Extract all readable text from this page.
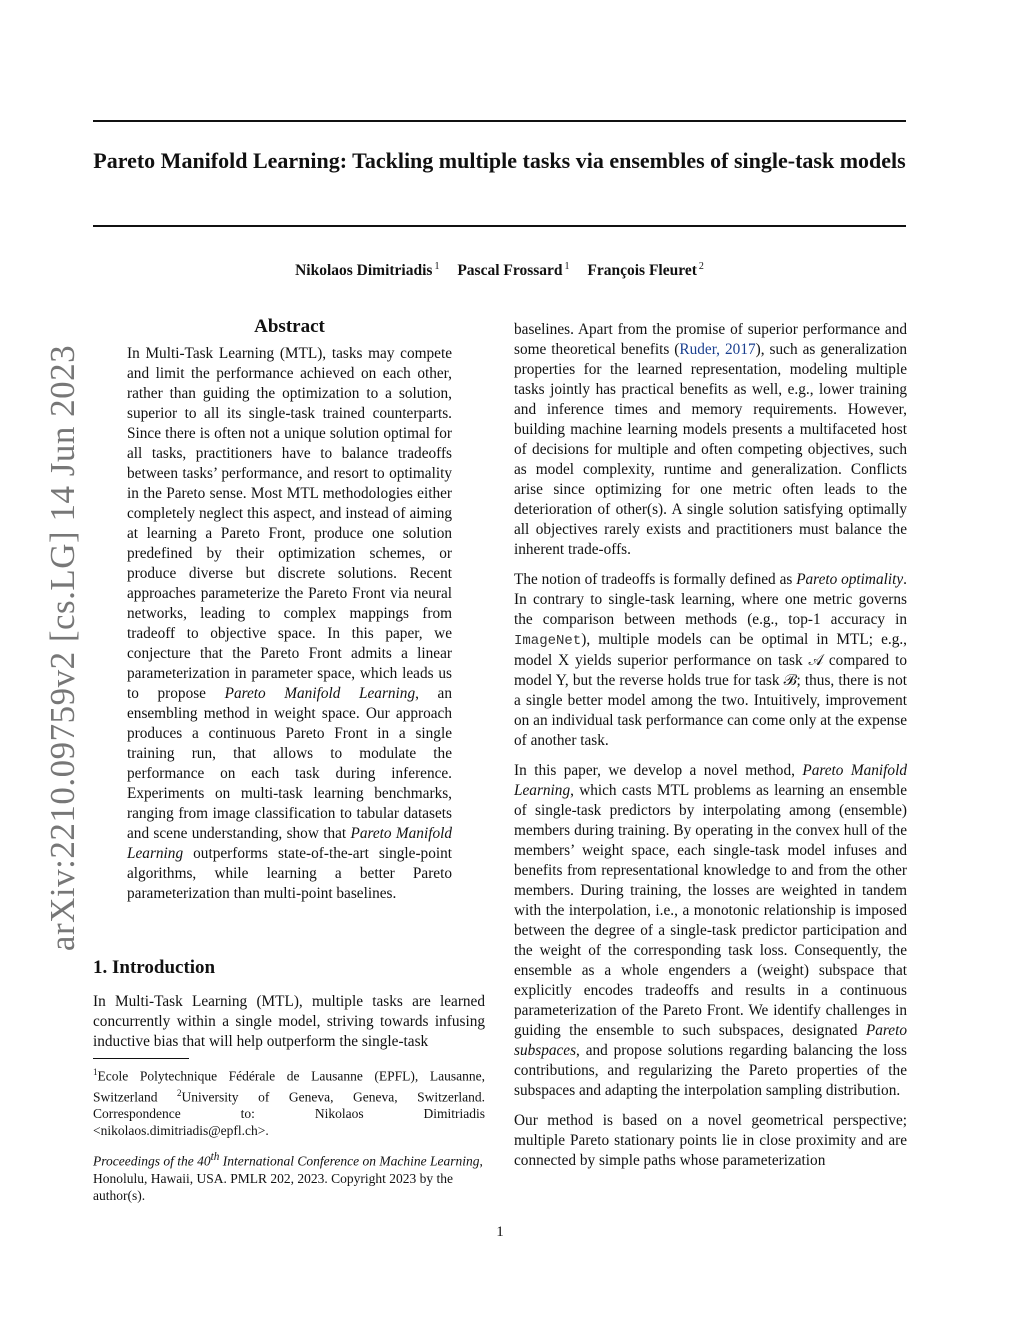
arXiv:2210.09759v2 [cs.LG] 14 Jun 2023
Pareto Manifold Learning: Tackling multiple tasks via ensembles of single-task models
Nikolaos Dimitriadis $^1$ Pascal Frossard $^1$ François Fleuret $^2$
Abstract
In Multi-Task Learning (MTL), tasks may compete and limit the performance achieved on each other, rather than guiding the optimization to a solution, superior to all its single-task trained counterparts. Since there is often not a unique solution optimal for all tasks, practitioners have to balance tradeoffs between tasks’ performance, and resort to optimality in the Pareto sense. Most MTL methodologies either completely neglect this aspect, and instead of aiming at learning a Pareto Front, produce one solution predefined by their optimization schemes, or produce diverse but discrete solutions. Recent approaches parameterize the Pareto Front via neural networks, leading to complex mappings from tradeoff to objective space. In this paper, we conjecture that the Pareto Front admits a linear parameterization in parameter space, which leads us to propose Pareto Manifold Learning, an ensembling method in weight space. Our approach produces a continuous Pareto Front in a single training run, that allows to modulate the performance on each task during inference. Experiments on multi-task learning benchmarks, ranging from image classification to tabular datasets and scene understanding, show that Pareto Manifold Learning outperforms state-of-the-art single-point algorithms, while learning a better Pareto parameterization than multi-point baselines.
1. Introduction
In Multi-Task Learning (MTL), multiple tasks are learned concurrently within a single model, striving towards infusing inductive bias that will help outperform the single-task
$^1$Ecole Polytechnique Fédérale de Lausanne (EPFL), Lausanne, Switzerland $^2$University of Geneva, Geneva, Switzerland. Correspondence to: Nikolaos Dimitriadis <nikolaos.dimitriadis@epfl.ch>.
Proceedings of the 40th International Conference on Machine Learning, Honolulu, Hawaii, USA. PMLR 202, 2023. Copyright 2023 by the author(s).

baselines. Apart from the promise of superior performance and some theoretical benefits (Ruder, 2017), such as generalization properties for the learned representation, modeling multiple tasks jointly has practical benefits as well, e.g., lower training and inference times and memory requirements. However, building machine learning models presents a multifaceted host of decisions for multiple and often competing objectives, such as model complexity, runtime and generalization. Conflicts arise since optimizing for one metric often leads to the deterioration of other(s). A single solution satisfying optimally all objectives rarely exists and practitioners must balance the inherent trade-offs.

The notion of tradeoffs is formally defined as Pareto optimality. In contrary to single-task learning, where one metric governs the comparison between methods (e.g., top-1 accuracy in ImageNet), multiple models can be optimal in MTL; e.g., model X yields superior performance on task 𝒜 compared to model Y, but the reverse holds true for task ℬ; thus, there is not a single better model among the two. Intuitively, improvement on an individual task performance can come only at the expense of another task.

In this paper, we develop a novel method, Pareto Manifold Learning, which casts MTL problems as learning an ensemble of single-task predictors by interpolating among (ensemble) members during training. By operating in the convex hull of the members’ weight space, each single-task model infuses and benefits from representational knowledge to and from the other members. During training, the losses are weighted in tandem with the interpolation, i.e., a monotonic relationship is imposed between the degree of a single-task predictor participation and the weight of the corresponding task loss. Consequently, the ensemble as a whole engenders a (weight) subspace that explicitly encodes tradeoffs and results in a continuous parameterization of the Pareto Front. We identify challenges in guiding the ensemble to such subspaces, designated Pareto subspaces, and propose solutions regarding balancing the loss contributions, and regularizing the Pareto properties of the subspaces and adapting the interpolation sampling distribution.

Our method is based on a novel geometrical perspective; multiple Pareto stationary points lie in close proximity and are connected by simple paths whose parameterization

1
